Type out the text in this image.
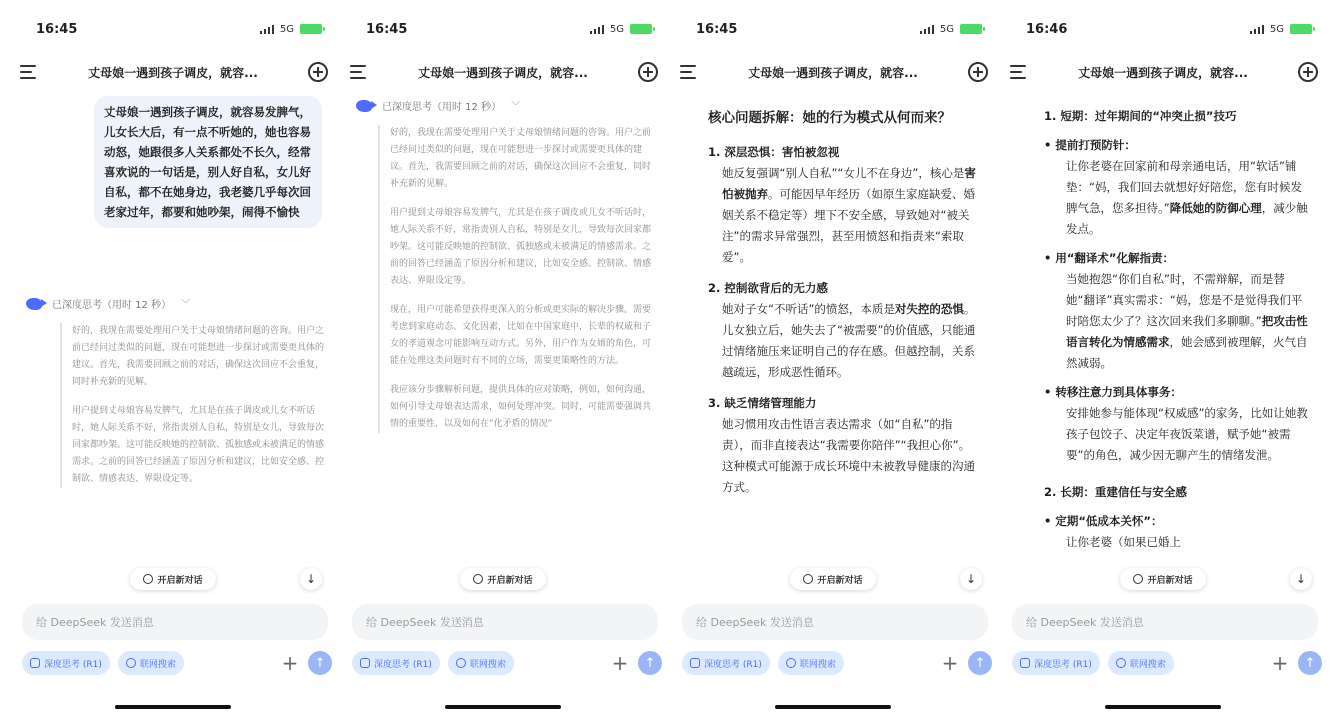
16:45	5G
丈母娘一遇到孩子调皮，就容...
丈母娘一遇到孩子调皮，就容易发脾气，儿女长大后，有一点不听她的，她也容易动怒，她跟很多人关系都处不长久，经常喜欢说的一句话是，别人好自私，女儿好自私，都不在她身边，我老婆几乎每次回老家过年，都要和她吵架，闹得不愉快
已深度思考（用时 12 秒） ﹀

好的，我现在需要处理用户关于丈母娘情绪问题的咨询。用户之前已经问过类似的问题，现在可能想进一步探讨或需要更具体的建议。首先，我需要回顾之前的对话，确保这次回应不会重复，同时补充新的见解。

用户提到丈母娘容易发脾气，尤其是在孩子调皮或儿女不听话时，她人际关系不好，常指责别人自私，特别是女儿，导致每次回家都吵架。这可能反映她的控制欲、孤独感或未被满足的情感需求。之前的回答已经涵盖了原因分析和建议，比如安全感、控制欲、情感表达、界限设定等。

开启新对话	↓
给 DeepSeek 发送消息
深度思考 (R1)	联网搜索	+	↑
16:45	5G
丈母娘一遇到孩子调皮，就容...
已深度思考（用时 12 秒） ﹀

好的，我现在需要处理用户关于丈母娘情绪问题的咨询。用户之前已经问过类似的问题，现在可能想进一步探讨或需要更具体的建议。首先，我需要回顾之前的对话，确保这次回应不会重复，同时补充新的见解。

用户提到丈母娘容易发脾气，尤其是在孩子调皮或儿女不听话时，她人际关系不好，常指责别人自私，特别是女儿，导致每次回家都吵架。这可能反映她的控制欲、孤独感或未被满足的情感需求。之前的回答已经涵盖了原因分析和建议，比如安全感、控制欲、情感表达、界限设定等。

现在，用户可能希望获得更深入的分析或更实际的解决步骤。需要考虑到家庭动态、文化因素，比如在中国家庭中，长辈的权威和子女的孝道观念可能影响互动方式。另外，用户作为女婿的角色，可能在处理这类问题时有不同的立场，需要更策略性的方法。

我应该分步骤解析问题，提供具体的应对策略，例如，如何沟通，如何引导丈母娘表达需求，如何处理冲突。同时，可能需要强调共情的重要性，以及如何在“化矛盾的情况”

开启新对话
给 DeepSeek 发送消息
深度思考 (R1)	联网搜索	+	↑
16:45	5G
丈母娘一遇到孩子调皮，就容...
核心问题拆解：她的行为模式从何而来？
1. 深层恐惧：害怕被忽视
她反复强调“别人自私”“女儿不在身边”，核心是害怕被抛弃。可能因早年经历（如原生家庭缺爱、婚姻关系不稳定等）埋下不安全感，导致她对“被关注”的需求异常强烈，甚至用愤怒和指责来“索取爱”。
2. 控制欲背后的无力感
她对子女“不听话”的愤怒，本质是对失控的恐惧。儿女独立后，她失去了“被需要”的价值感，只能通过情绪施压来证明自己的存在感。但越控制，关系越疏远，形成恶性循环。
3. 缺乏情绪管理能力
她习惯用攻击性语言表达需求（如“自私”的指责），而非直接表达“我需要你陪伴”“我担心你”。这种模式可能源于成长环境中未被教导健康的沟通方式。
开启新对话	↓
给 DeepSeek 发送消息
深度思考 (R1)	联网搜索	+	↑
16:46	5G
丈母娘一遇到孩子调皮，就容...
1. 短期：过年期间的“冲突止损”技巧
• 提前打预防针：
让你老婆在回家前和母亲通电话，用“软话”铺垫：“妈，我们回去就想好好陪您，您有时候发脾气急，您多担待。”降低她的防御心理，减少触发点。
• 用“翻译术”化解指责：
当她抱怨“你们自私”时，不需辩解，而是替她“翻译”真实需求：“妈，您是不是觉得我们平时陪您太少了？这次回来我们多聊聊。”把攻击性语言转化为情感需求，她会感到被理解，火气自然减弱。
• 转移注意力到具体事务：
安排她参与能体现“权威感”的家务，比如让她教孩子包饺子、决定年夜饭菜谱，赋予她“被需要”的角色，减少因无聊产生的情绪发泄。
2. 长期：重建信任与安全感
• 定期“低成本关怀”：
让你老婆（如果已婚上
开启新对话	↓
给 DeepSeek 发送消息
深度思考 (R1)	联网搜索	+	↑
